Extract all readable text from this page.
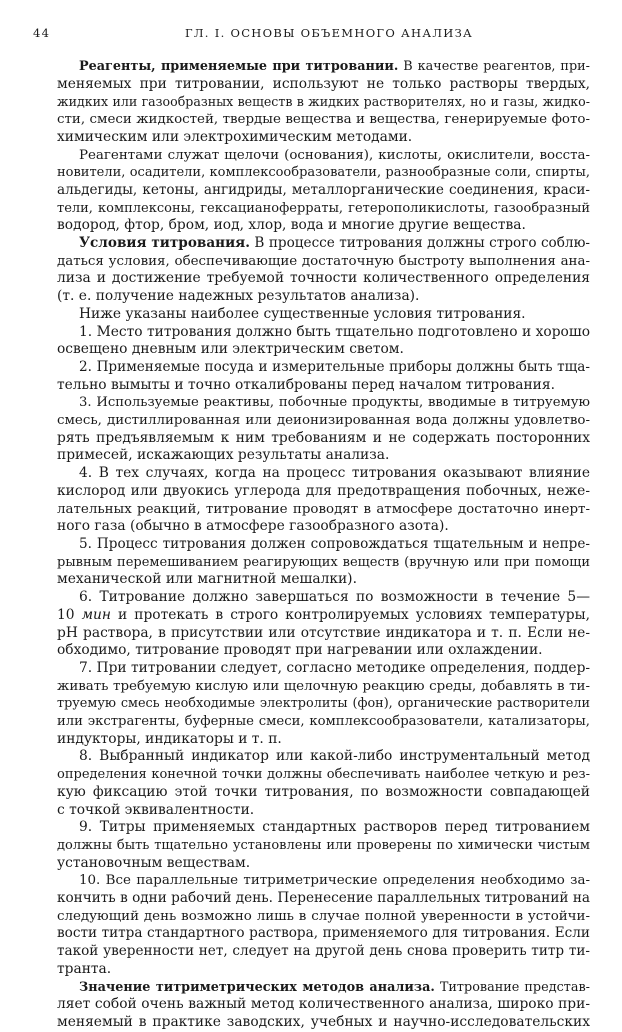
44	ГЛ. I. ОСНОВЫ ОБЪЕМНОГО АНАЛИЗА

Реагенты, применяемые при титровании. В качестве реагентов, при-
меняемых при титровании, используют не только растворы твердых,
жидких или газообразных веществ в жидких растворителях, но и газы, жидко-
сти, смеси жидкостей, твердые вещества и вещества, генерируемые фото-
химическим или электрохимическим методами.

Реагентами служат щелочи (основания), кислоты, окислители, восста-
новители, осадители, комплексообразователи, разнообразные соли, спирты,
альдегиды, кетоны, ангидриды, металлорганические соединения, краси-
тели, комплексоны, гексацианоферраты, гетерополикислоты, газообразный
водород, фтор, бром, иод, хлор, вода и многие другие вещества.

Условия титрования. В процессе титрования должны строго соблю-
даться условия, обеспечивающие достаточную быстроту выполнения ана-
лиза и достижение требуемой точности количественного определения
(т. е. получение надежных результатов анализа).

Ниже указаны наиболее существенные условия титрования.

1. Место титрования должно быть тщательно подготовлено и хорошо
освещено дневным или электрическим светом.

2. Применяемые посуда и измерительные приборы должны быть тща-
тельно вымыты и точно откалиброваны перед началом титрования.

3. Используемые реактивы, побочные продукты, вводимые в титруемую
смесь, дистиллированная или деионизированная вода должны удовлетво-
рять предъявляемым к ним требованиям и не содержать посторонних
примесей, искажающих результаты анализа.

4. В тех случаях, когда на процесс титрования оказывают влияние
кислород или двуокись углерода для предотвращения побочных, неже-
лательных реакций, титрование проводят в атмосфере достаточно инерт-
ного газа (обычно в атмосфере газообразного азота).

5. Процесс титрования должен сопровождаться тщательным и непре-
рывным перемешиванием реагирующих веществ (вручную или при помощи
механической или магнитной мешалки).

6. Титрование должно завершаться по возможности в течение 5—
10 мин и протекать в строго контролируемых условиях температуры,
pH раствора, в присутствии или отсутствие индикатора и т. п. Если не-
обходимо, титрование проводят при нагревании или охлаждении.

7. При титровании следует, согласно методике определения, поддер-
живать требуемую кислую или щелочную реакцию среды, добавлять в ти-
труемую смесь необходимые электролиты (фон), органические растворители
или экстрагенты, буферные смеси, комплексообразователи, катализаторы,
индукторы, индикаторы и т. п.

8. Выбранный индикатор или какой-либо инструментальный метод
определения конечной точки должны обеспечивать наиболее четкую и рез-
кую фиксацию этой точки титрования, по возможности совпадающей
с точкой эквивалентности.

9. Титры применяемых стандартных растворов перед титрованием
должны быть тщательно установлены или проверены по химически чистым
установочным веществам.

10. Все параллельные титриметрические определения необходимо за-
кончить в одни рабочий день. Перенесение параллельных титрований на
следующий день возможно лишь в случае полной уверенности в устойчи-
вости титра стандартного раствора, применяемого для титрования. Если
такой уверенности нет, следует на другой день снова проверить титр ти-
транта.

Значение титриметрических методов анализа. Титрование представ-
ляет собой очень важный метод количественного анализа, широко при-
меняемый в практике заводских, учебных и научно-исследовательских
